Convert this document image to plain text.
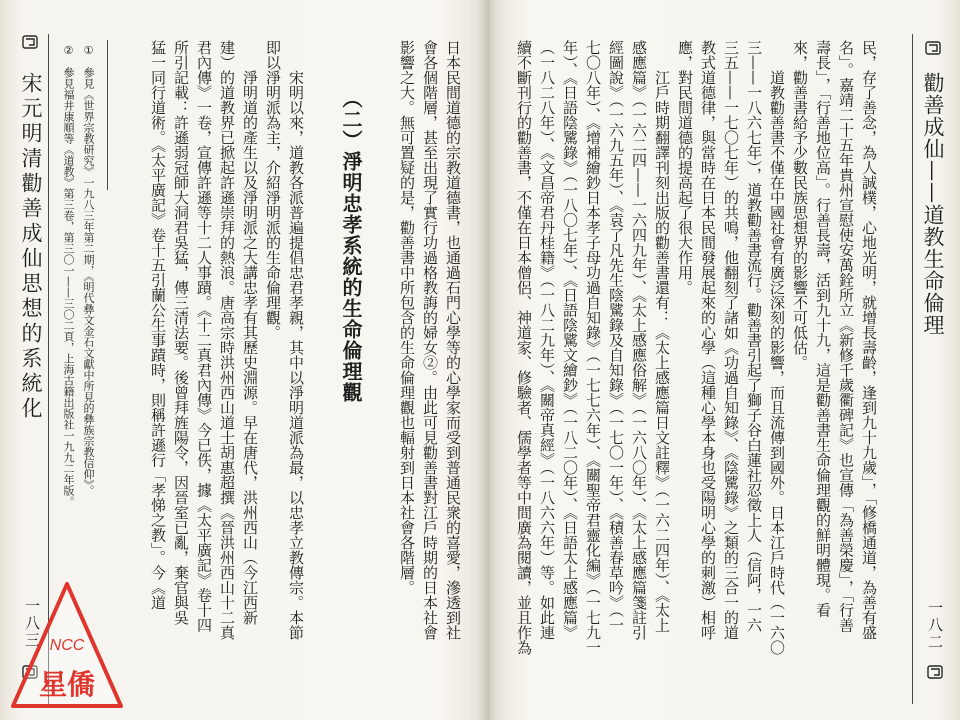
勸善成仙——道教生命倫理
一八二
民，存了善念，為人誠樸，心地光明，就增長壽齡，逢到九十九歲」，「修橋通道，為善有盛
名」。嘉靖二十五年貴州宣慰使安萬銓所立《新修千歲衢碑記》也宣傳「為善榮慶」，「行善
壽長」，「行善地位高」。行善長壽，活到九十九，這是勸善書生命倫理觀的鮮明體現。看
來，勸善書給予少數民族思想界的影響不可低估。
道教勸善書不僅在中國社會有廣泛深刻的影響，而且流傳到國外。日本江戶時代（一六〇
三——一八六七年），道教勸善書流行。勸善書引起了獅子谷白蓮社忍徵上人（信阿，一六
三五——一七〇七年）的共鳴，他翻刻了諸如《功過自知錄》、《陰騭錄》之類的三合一的道
教式道德律，與當時在日本民間發展起來的心學（這種心學本身也受陽明心學的刺激）相呼
應，對民間道德的提高起了很大作用。
江戶時期翻譯刊刻出版的勸善書還有：《太上感應篇日文註釋》（一六二四年）、《太上
感應篇》（一六二四——一六四九年）、《太上感應俗解》（一六八〇年）、《太上感應篇箋註引
經圖說》（一六九五年）、《袁了凡先生陰騭錄及自知錄》（一七〇一年）、《積善春草吟》（一
七〇八年）、《增補繪鈔日本孝子母功過自知錄》（一七七六年）、《關聖帝君靈化編》（一七九一
年）、《日語陰騭錄》（一八〇七年）、《日語陰騭文繪鈔》（一八二〇年）、《日語太上感應篇》
（一八二八年）、《文昌帝君丹桂籍》（一八二九年）、《關帝真經》（一八六六年）等。如此連
續不斷刊行的勸善書，不僅在日本僧侶、神道家、修驗者、儒學者等中間廣為閱讀，並且作為
日本民間道德的宗教道德書，也通過石門心學等的心學家而受到普通民衆的喜愛，滲透到社
會各個階層，甚至出現了實行功過格教誨的婦女②。由此可見勸善書對江戶時期的日本社會
影響之大。無可置疑的是，勸善書中所包含的生命倫理觀也輻射到日本社會各階層。
（二）淨明忠孝系統的生命倫理觀
宋明以來，道教各派普遍提倡忠君孝親，其中以淨明道派為最，以忠孝立教傳宗。本節
即以淨明派為主，介紹淨明派的生命倫理觀。
淨明道的產生以及淨明派之大講忠孝有其歷史淵源。早在唐代，洪州西山（今江西新
建）的道教界已掀起許遜崇拜的熱浪。唐高宗時洪州西山道士胡惠超撰《晉洪州西山十二真
君內傳》一卷，宣傳許遜等十二人事蹟。《十二真君內傳》今已佚，據《太平廣記》卷十四
所引記載：許遜弱冠師大洞君吳猛，傳三清法要。後曾拜旌陽令，因晉室已亂，棄官與吳
猛一同行道術。《太平廣記》卷十五引蘭公生事蹟時，則稱許遜行「孝悌之教」。今《道
①參見《世界宗教研究》一九八三年第二期，《明代彝文金石文獻中所見的彝族宗教信仰》。
②參見福井康順等《道教》第三卷，第三〇一——三〇二頁，上海古籍出版社一九九二年版。
宋元明清勸善成仙思想的系統化
一八三 NCC
星僑
